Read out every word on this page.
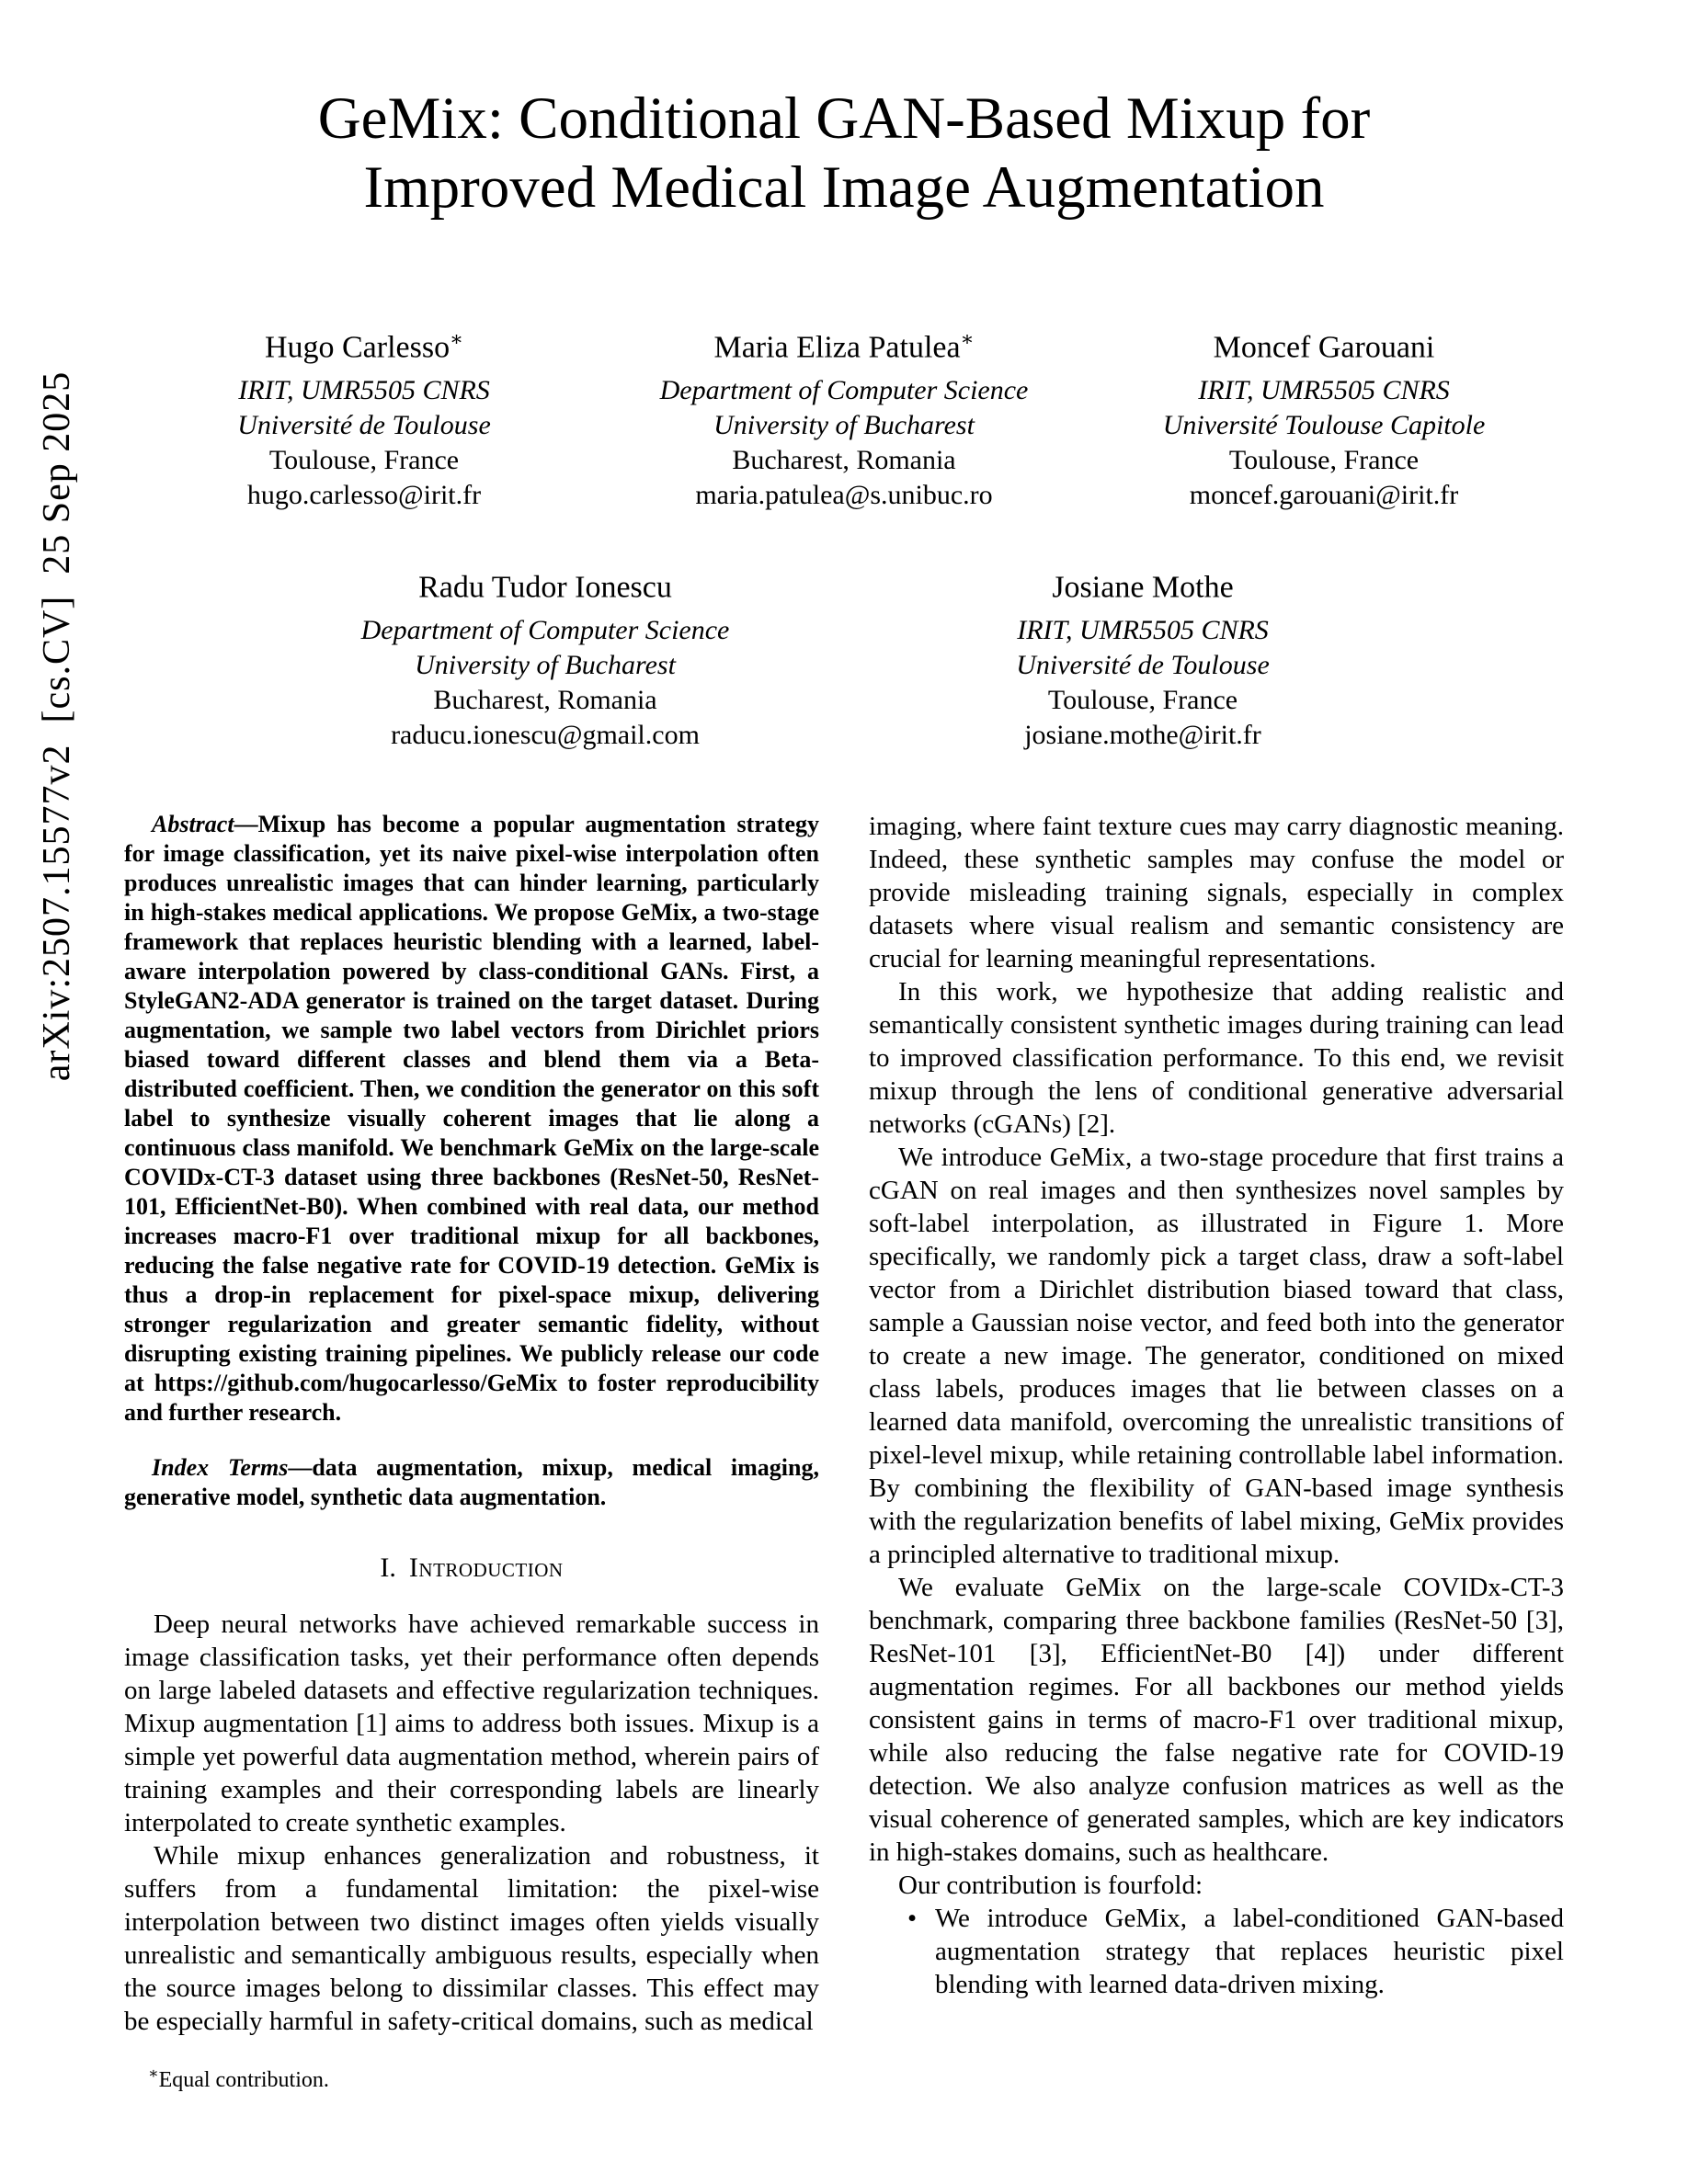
arXiv:2507.15577v2  [cs.CV]  25 Sep 2025
GeMix: Conditional GAN-Based Mixup for
Improved Medical Image Augmentation
Hugo Carlesso∗
IRIT, UMR5505 CNRS
Université de Toulouse
Toulouse, France
hugo.carlesso@irit.fr
Maria Eliza Patulea∗
Department of Computer Science
University of Bucharest
Bucharest, Romania
maria.patulea@s.unibuc.ro
Moncef Garouani
IRIT, UMR5505 CNRS
Université Toulouse Capitole
Toulouse, France
moncef.garouani@irit.fr
Radu Tudor Ionescu
Department of Computer Science
University of Bucharest
Bucharest, Romania
raducu.ionescu@gmail.com
Josiane Mothe
IRIT, UMR5505 CNRS
Université de Toulouse
Toulouse, France
josiane.mothe@irit.fr

Abstract—Mixup has become a popular augmentation strategy for image classification, yet its naive pixel-wise interpolation often produces unrealistic images that can hinder learning, particularly in high-stakes medical applications. We propose GeMix, a two-stage framework that replaces heuristic blending with a learned, label-aware interpolation powered by class-conditional GANs. First, a StyleGAN2-ADA generator is trained on the target dataset. During augmentation, we sample two label vectors from Dirichlet priors biased toward different classes and blend them via a Beta-distributed coefficient. Then, we condition the generator on this soft label to synthesize visually coherent images that lie along a continuous class manifold. We benchmark GeMix on the large-scale COVIDx-CT-3 dataset using three backbones (ResNet-50, ResNet-101, EfficientNet-B0). When combined with real data, our method increases macro-F1 over traditional mixup for all backbones, reducing the false negative rate for COVID-19 detection. GeMix is thus a drop-in replacement for pixel-space mixup, delivering stronger regularization and greater semantic fidelity, without disrupting existing training pipelines. We publicly release our code at https://github.com/hugocarlesso/GeMix to foster reproducibility and further research.

Index Terms—data augmentation, mixup, medical imaging, generative model, synthetic data augmentation.

I. Introduction

Deep neural networks have achieved remarkable success in image classification tasks, yet their performance often depends on large labeled datasets and effective regularization techniques. Mixup augmentation [1] aims to address both issues. Mixup is a simple yet powerful data augmentation method, wherein pairs of training examples and their corresponding labels are linearly interpolated to create synthetic examples.

While mixup enhances generalization and robustness, it suffers from a fundamental limitation: the pixel-wise interpolation between two distinct images often yields visually unrealistic and semantically ambiguous results, especially when the source images belong to dissimilar classes. This effect may be especially harmful in safety-critical domains, such as medical

∗Equal contribution.

imaging, where faint texture cues may carry diagnostic meaning. Indeed, these synthetic samples may confuse the model or provide misleading training signals, especially in complex datasets where visual realism and semantic consistency are crucial for learning meaningful representations.

In this work, we hypothesize that adding realistic and semantically consistent synthetic images during training can lead to improved classification performance. To this end, we revisit mixup through the lens of conditional generative adversarial networks (cGANs) [2].

We introduce GeMix, a two-stage procedure that first trains a cGAN on real images and then synthesizes novel samples by soft-label interpolation, as illustrated in Figure 1. More specifically, we randomly pick a target class, draw a soft-label vector from a Dirichlet distribution biased toward that class, sample a Gaussian noise vector, and feed both into the generator to create a new image. The generator, conditioned on mixed class labels, produces images that lie between classes on a learned data manifold, overcoming the unrealistic transitions of pixel-level mixup, while retaining controllable label information. By combining the flexibility of GAN-based image synthesis with the regularization benefits of label mixing, GeMix provides a principled alternative to traditional mixup.

We evaluate GeMix on the large-scale COVIDx-CT-3 benchmark, comparing three backbone families (ResNet-50 [3], ResNet-101 [3], EfficientNet-B0 [4]) under different augmentation regimes. For all backbones our method yields consistent gains in terms of macro-F1 over traditional mixup, while also reducing the false negative rate for COVID-19 detection. We also analyze confusion matrices as well as the visual coherence of generated samples, which are key indicators in high-stakes domains, such as healthcare.

Our contribution is fourfold:

• We introduce GeMix, a label-conditioned GAN-based augmentation strategy that replaces heuristic pixel blending with learned data-driven mixing.
